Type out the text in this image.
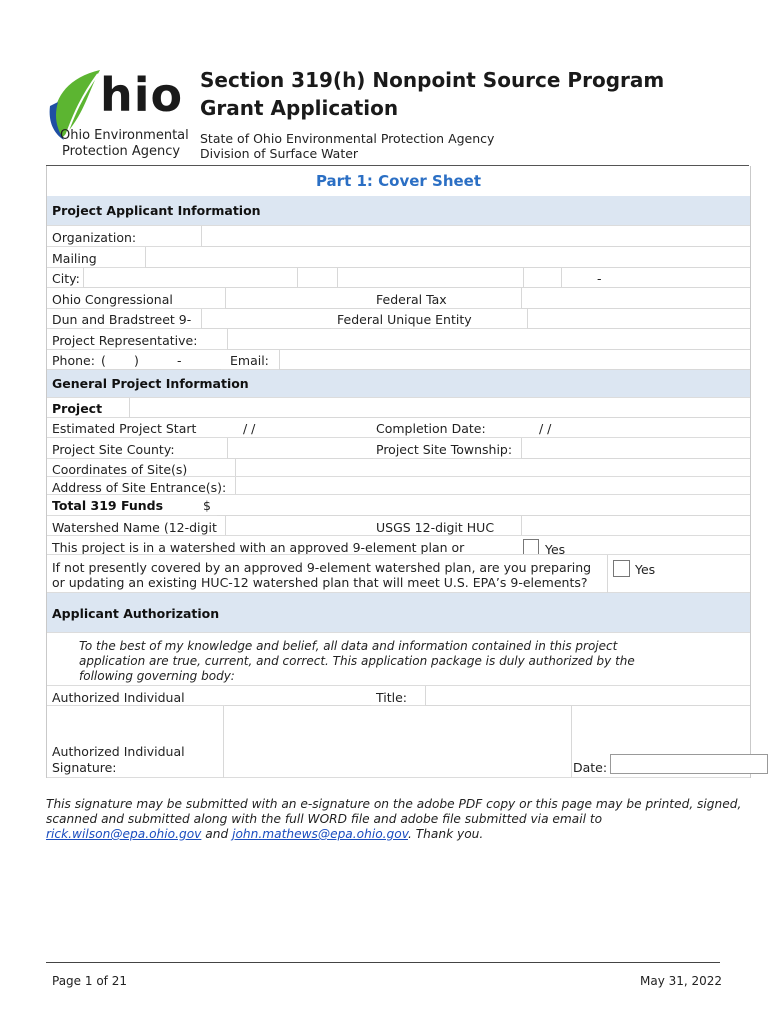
hio
Ohio Environmental
Protection Agency
Section 319(h) Nonpoint Source Program
Grant Application
State of Ohio Environmental Protection Agency
Division of Surface Water
Part 1: Cover Sheet
Project Applicant Information
Organization:
Mailing
City:	-
Ohio Congressional	Federal Tax
Dun and Bradstreet 9-	Federal Unique Entity
Project Representative:
Phone: ( )	-	Email:
General Project Information
Project
Estimated Project Start	/ /	Completion Date:	/ /
Project Site County:	Project Site Township:
Coordinates of Site(s)
Address of Site Entrance(s):
Total 319 Funds	$
Watershed Name (12-digit	USGS 12-digit HUC
This project is in a watershed with an approved 9-element plan or	Yes
If not presently covered by an approved 9-element watershed plan, are you preparing
or updating an existing HUC-12 watershed plan that will meet U.S. EPA’s 9-elements?
Yes
Applicant Authorization
To the best of my knowledge and belief, all data and information contained in this project
application are true, current, and correct. This application package is duly authorized by the
following governing body:
Authorized Individual	Title:
Authorized Individual
Signature:	Date:
This signature may be submitted with an e-signature on the adobe PDF copy or this page may be printed, signed, scanned and submitted along with the full WORD file and adobe file submitted via email to rick.wilson@epa.ohio.gov and john.mathews@epa.ohio.gov. Thank you.
Page 1 of 21	May 31, 2022
